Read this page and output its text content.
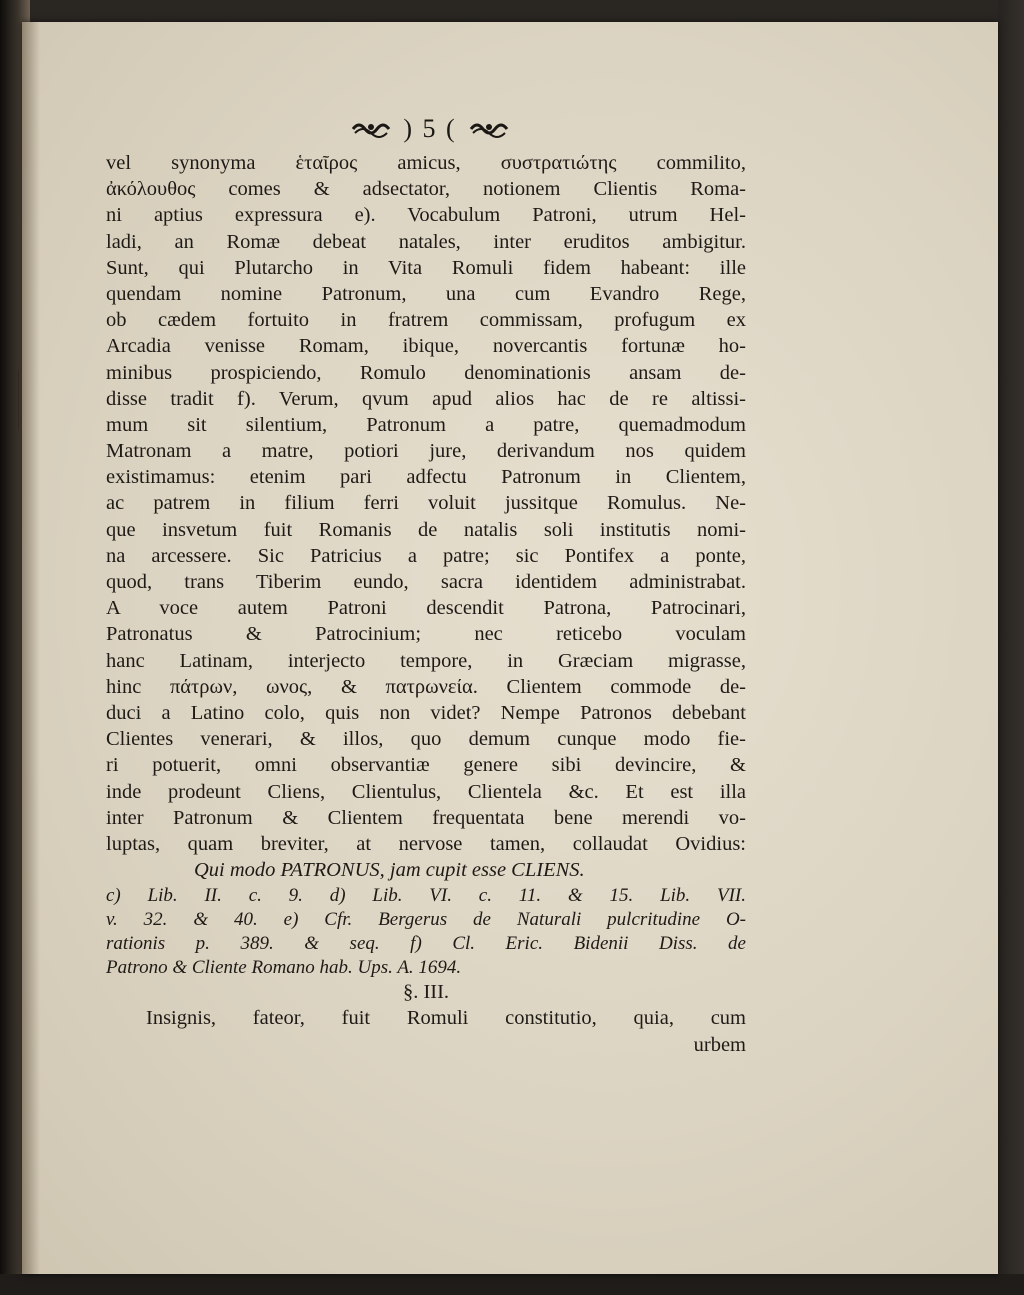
) 5 (
vel synonyma ἑταῖρος amicus, συστρατιώτης commilito,
ἀκόλουθος comes & adsectator, notionem Clientis Roma-
ni aptius expressura e). Vocabulum Patroni, utrum Hel-
ladi, an Romæ debeat natales, inter eruditos ambigitur.
Sunt, qui Plutarcho in Vita Romuli fidem habeant: ille
quendam nomine Patronum, una cum Evandro Rege,
ob cædem fortuito in fratrem commissam, profugum ex
Arcadia venisse Romam, ibique, novercantis fortunæ ho-
minibus prospiciendo, Romulo denominationis ansam de-
disse tradit f). Verum, qvum apud alios hac de re altissi-
mum sit silentium, Patronum a patre, quemadmodum
Matronam a matre, potiori jure, derivandum nos quidem
existimamus: etenim pari adfectu Patronum in Clientem,
ac patrem in filium ferri voluit jussitque Romulus. Ne-
que insvetum fuit Romanis de natalis soli institutis nomi-
na arcessere. Sic Patricius a patre; sic Pontifex a ponte,
quod, trans Tiberim eundo, sacra identidem administrabat.
A voce autem Patroni descendit Patrona, Patrocinari,
Patronatus & Patrocinium; nec reticebo voculam
hanc Latinam, interjecto tempore, in Græciam migrasse,
hinc πάτρων, ωνος, & πατρωνεία. Clientem commode de-
duci a Latino colo, quis non videt? Nempe Patronos debebant
Clientes venerari, & illos, quo demum cunque modo fie-
ri potuerit, omni observantiæ genere sibi devincire, &
inde prodeunt Cliens, Clientulus, Clientela &c. Et est illa
inter Patronum & Clientem frequentata bene merendi vo-
luptas, quam breviter, at nervose tamen, collaudat Ovidius:
Qui modo PATRONUS, jam cupit esse CLIENS.
c) Lib. II. c. 9. d) Lib. VI. c. 11. & 15. Lib. VII.
v. 32. & 40. e) Cfr. Bergerus de Naturali pulcritudine O-
rationis p. 389. & seq. f) Cl. Eric. Bidenii Diss. de
Patrono & Cliente Romano hab. Ups. A. 1694.
§. III.
Insignis, fateor, fuit Romuli constitutio, quia, cum
urbem
